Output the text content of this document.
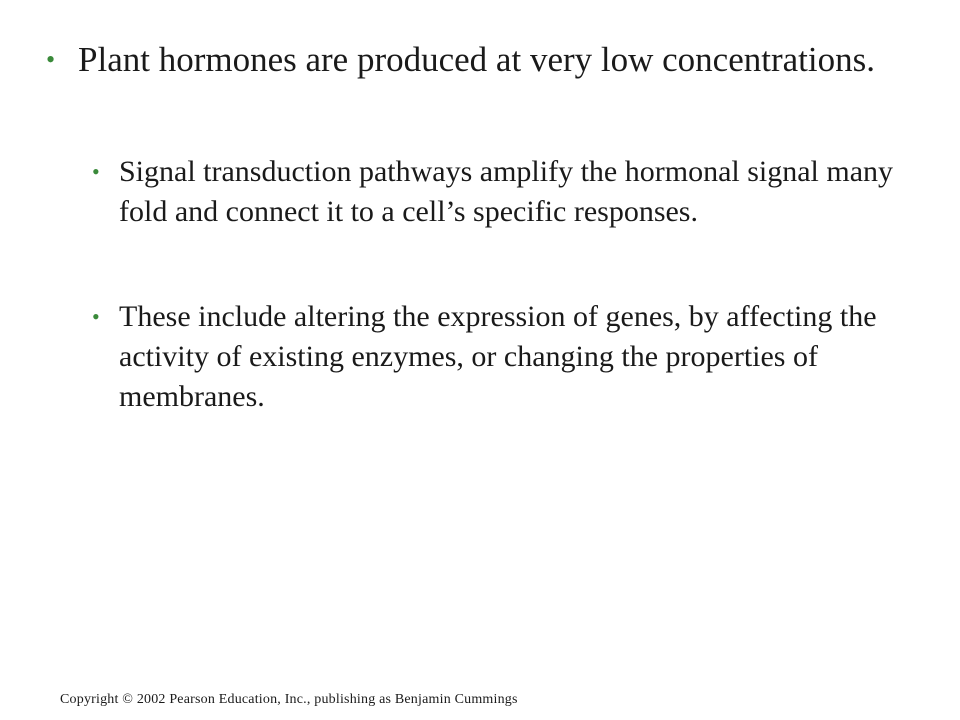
• Plant hormones are produced at very low concentrations.
• Signal transduction pathways amplify the hormonal signal many fold and connect it to a cell’s specific responses.
• These include altering the expression of genes, by affecting the activity of existing enzymes, or changing the properties of membranes.
Copyright © 2002 Pearson Education, Inc., publishing as Benjamin Cummings
